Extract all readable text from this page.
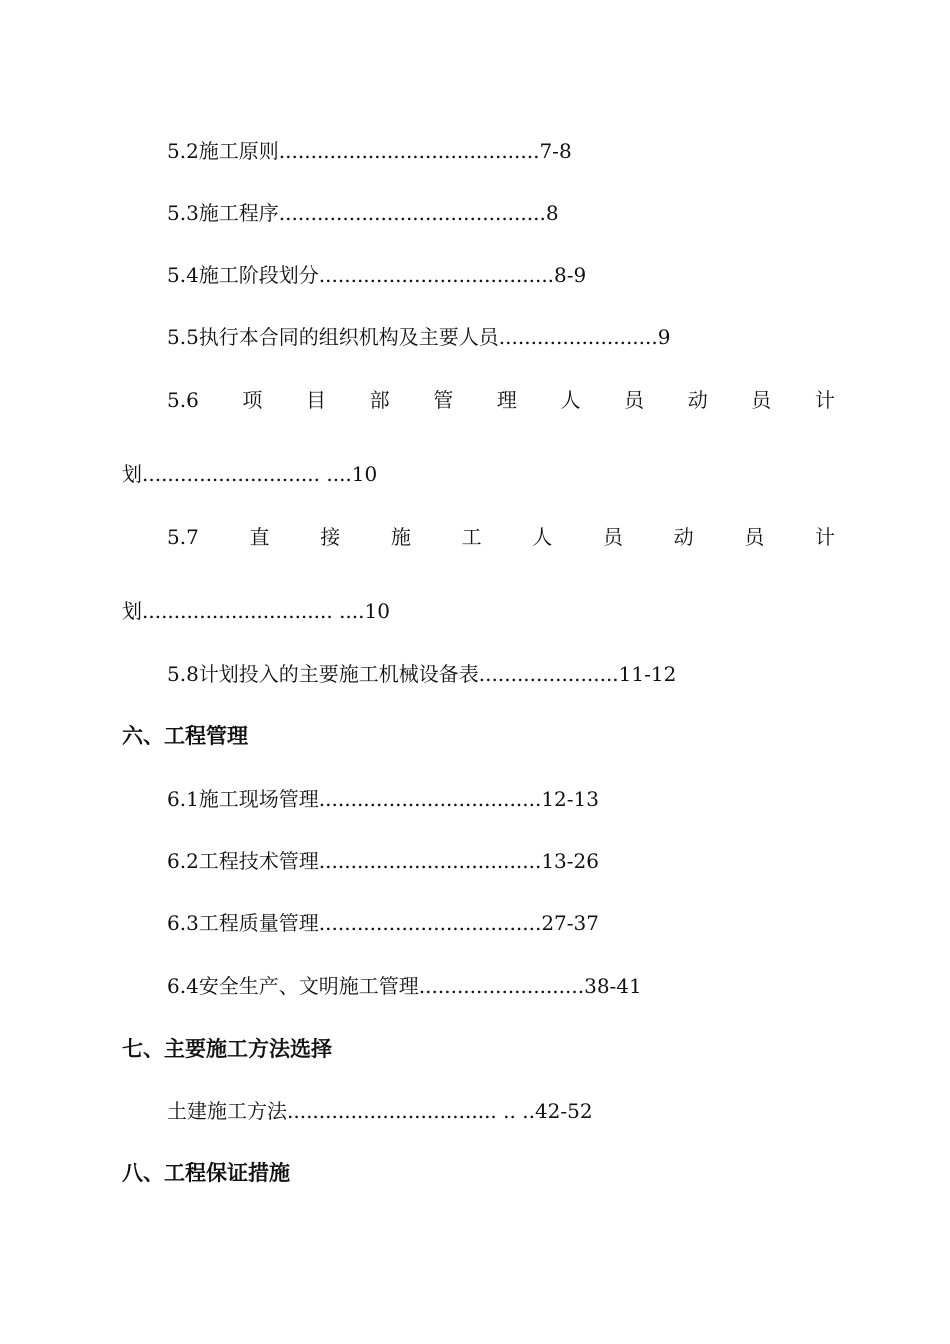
5.2施工原则.........................................7-8
5.3施工程序..........................................8
5.4施工阶段划分.....................................8-9
5.5执行本合同的组织机构及主要人员.........................9
5.6 项 目 部 管 理 人 员 动 员 计
划............................ ....10
5.7	直	接	施	工	人	员	动	员	计
划.............................. ....10
5.8计划投入的主要施工机械设备表......................11-12
六、工程管理
6.1施工现场管理...................................12-13
6.2工程技术管理...................................13-26
6.3工程质量管理...................................27-37
6.4安全生产、文明施工管理..........................38-41
七、主要施工方法选择
土建施工方法................................. .. ..42-52
八、工程保证措施
